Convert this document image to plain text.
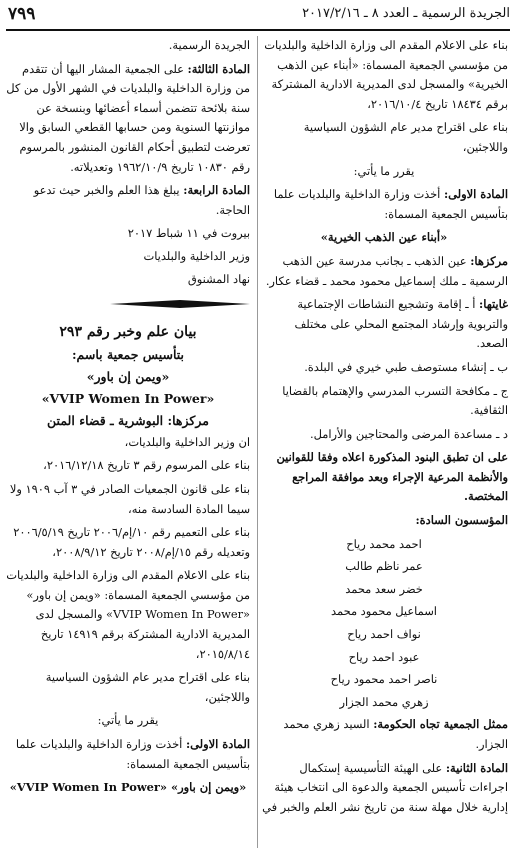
٧٩٩	الجريدة الرسمية ـ العدد ٨ ـ ٢٠١٧/٢/١٦

بناء على الاعلام المقدم الى وزارة الداخلية والبلديات من مؤسسي الجمعية المسماة: «أبناء عين الذهب الخيرية» والمسجل لدى المديرية الادارية المشتركة برقم ١٨٤٣٤ تاريخ ٢٠١٦/١٠/٤،

بناء على اقتراح مدير عام الشؤون السياسية واللاجئين،

يقرر ما يأتي:

المادة الاولى: أخذت وزارة الداخلية والبلديات علما بتأسيس الجمعية المسماة:

«أبناء عين الذهب الخيرية»

مركزها: عين الذهب ـ بجانب مدرسة عين الذهب الرسمية ـ ملك إسماعيل محمود محمد ـ قضاء عكار.

غايتها: أ ـ إقامة وتشجيع النشاطات الإجتماعية والتربوية وإرشاد المجتمع المحلي على مختلف الصعد.

ب ـ إنشاء مستوصف طبي خيري في البلدة.

ج ـ مكافحة التسرب المدرسي والإهتمام بالقضايا الثقافية.

د ـ مساعدة المرضى والمحتاجين والأرامل.

على ان تطبق البنود المذكورة اعلاه وفقا للقوانين والأنظمة المرعية الإجراء وبعد موافقة المراجع المختصة.

المؤسسون السادة:

احمد محمد رياح
عمر ناظم طالب
خضر سعد محمد
اسماعيل محمود محمد
نواف احمد رياح
عبود احمد رياح
ناصر احمد محمود رياح
زهري محمد الجزار

ممثل الجمعية تجاه الحكومة: السيد زهري محمد الجزار.

المادة الثانية: على الهيئة التأسيسية إستكمال اجراءات تأسيس الجمعية والدعوة الى انتخاب هيئة إدارية خلال مهلة سنة من تاريخ نشر العلم والخبر في

الجريدة الرسمية.

المادة الثالثة: على الجمعية المشار اليها أن تتقدم من وزارة الداخلية والبلديات في الشهر الأول من كل سنة بلائحة تتضمن أسماء أعضائها وبنسخة عن موازنتها السنوية ومن حسابها القطعي السابق والا تعرضت لتطبيق أحكام القانون المنشور بالمرسوم رقم ١٠٨٣٠ تاريخ ١٩٦٢/١٠/٩ وتعديلاته.

المادة الرابعة: يبلغ هذا العلم والخبر حيث تدعو الحاجة.

بيروت في ١١ شباط ٢٠١٧
وزير الداخلية والبلديات
نهاد المشنوق
بيان علم وخبر رقم ٢٩٣
بتأسيس جمعية باسم:
«ويمن إن باور»
«VVIP Women In Power»
مركزها: البوشرية ـ قضاء المتن

ان وزير الداخلية والبلديات،

بناء على المرسوم رقم ٣ تاريخ ٢٠١٦/١٢/١٨،

بناء على قانون الجمعيات الصادر في ٣ آب ١٩٠٩ ولا سيما المادة السادسة منه،

بناء على التعميم رقم ١٠/إم/٢٠٠٦ تاريخ ٢٠٠٦/٥/١٩ وتعديله رقم ١٥/إم/٢٠٠٨ تاريخ ٢٠٠٨/٩/١٢،

بناء على الاعلام المقدم الى وزارة الداخلية والبلديات من مؤسسي الجمعية المسماة: «ويمن إن باور» «VVIP Women In Power» والمسجل لدى المديرية الادارية المشتركة برقم ١٤٩١٩ تاريخ ٢٠١٥/٨/١٤،

بناء على اقتراح مدير عام الشؤون السياسية واللاجئين،

يقرر ما يأتي:

المادة الاولى: أخذت وزارة الداخلية والبلديات علما بتأسيس الجمعية المسماة:

«ويمن إن باور» «VVIP Women In Power»
